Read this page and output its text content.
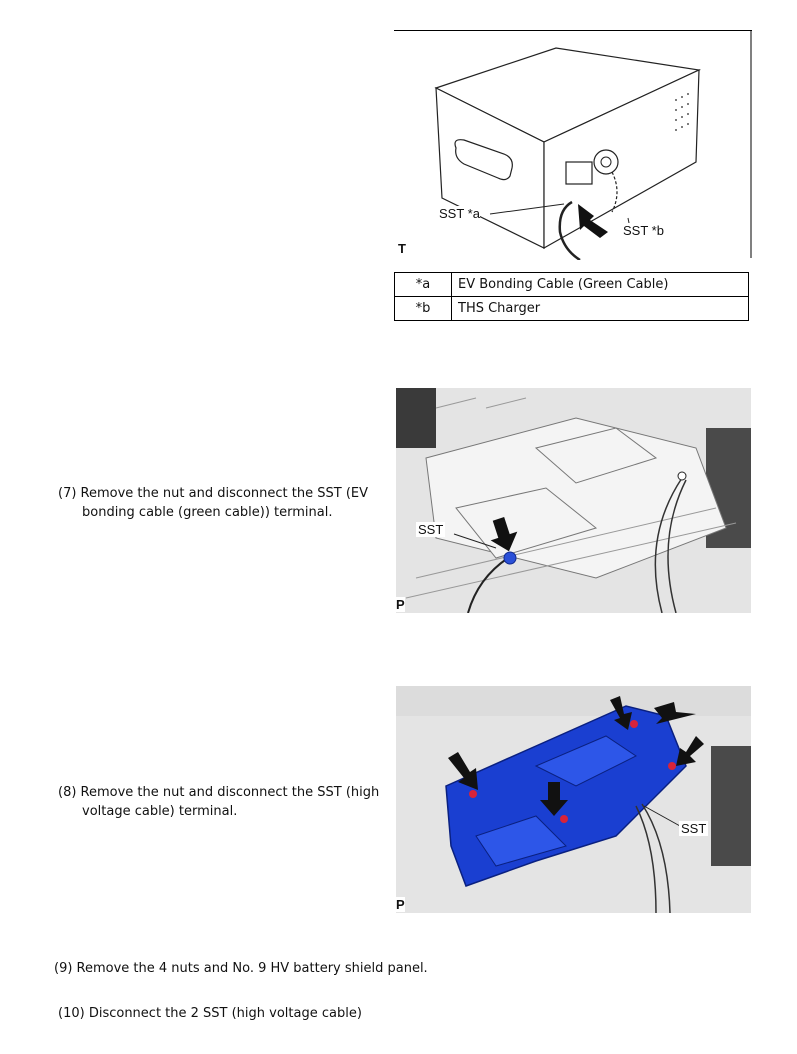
SST *a
SST *b
T
*a	EV Bonding Cable (Green Cable)
*b	THS Charger
SST
P
SST
P
(7) Remove the nut and disconnect the SST (EV
bonding cable (green cable)) terminal.
(8) Remove the nut and disconnect the SST (high
voltage cable) terminal.
(9) Remove the 4 nuts and No. 9 HV battery shield panel.
(10) Disconnect the 2 SST (high voltage cable)
